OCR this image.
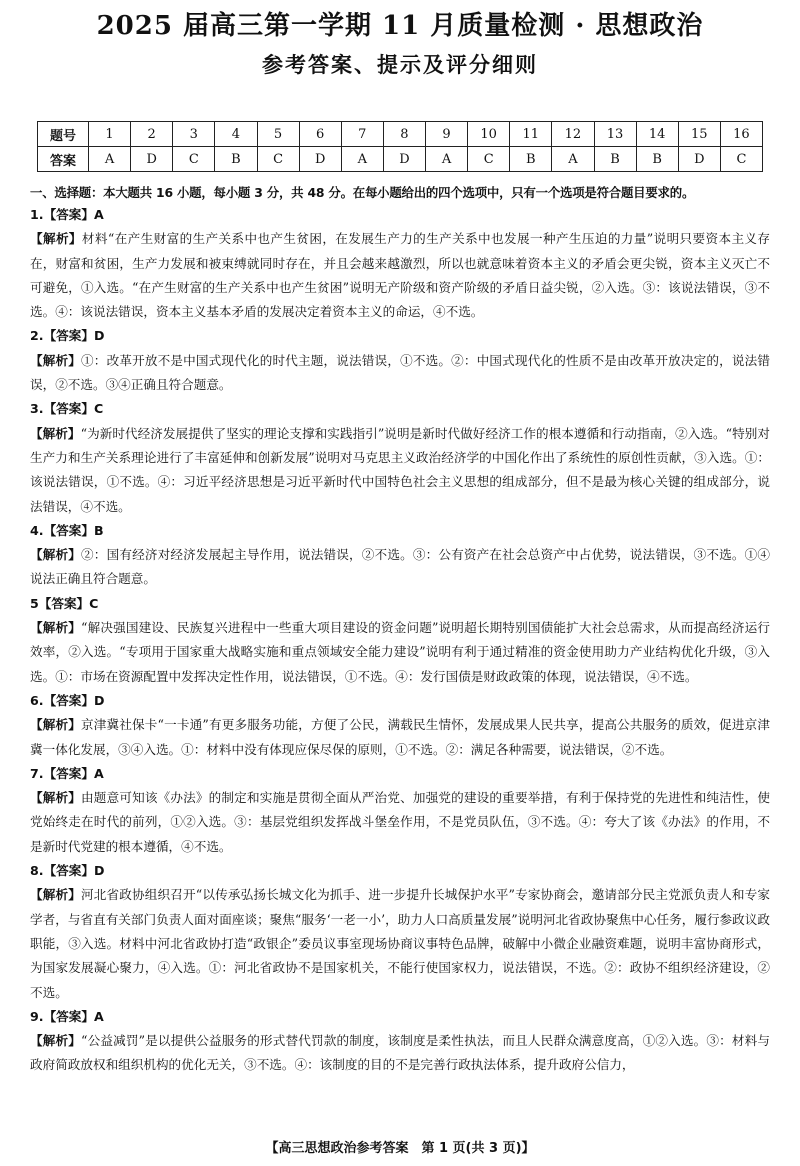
2025 届高三第一学期 11 月质量检测 · 思想政治
参考答案、提示及评分细则
题号	1	2	3	4	5	6	7	8	9	10	11	12	13	14	15	16
答案	A	D	C	B	C	D	A	D	A	C	B	A	B	B	D	C
一、选择题：本大题共 16 小题，每小题 3 分，共 48 分。在每小题给出的四个选项中，只有一个选项是符合题目要求的。
1.【答案】A
【解析】材料“在产生财富的生产关系中也产生贫困，在发展生产力的生产关系中也发展一种产生压迫的力量”说明只要资本主义存在，财富和贫困，生产力发展和被束缚就同时存在，并且会越来越激烈，所以也就意味着资本主义的矛盾会更尖锐，资本主义灭亡不可避免，①入选。“在产生财富的生产关系中也产生贫困”说明无产阶级和资产阶级的矛盾日益尖锐，②入选。③：该说法错误，③不选。④：该说法错误，资本主义基本矛盾的发展决定着资本主义的命运，④不选。
2.【答案】D
【解析】①：改革开放不是中国式现代化的时代主题，说法错误，①不选。②：中国式现代化的性质不是由改革开放决定的，说法错误，②不选。③④正确且符合题意。
3.【答案】C
【解析】“为新时代经济发展提供了坚实的理论支撑和实践指引”说明是新时代做好经济工作的根本遵循和行动指南，②入选。“特别对生产力和生产关系理论进行了丰富延伸和创新发展”说明对马克思主义政治经济学的中国化作出了系统性的原创性贡献，③入选。①：该说法错误，①不选。④：习近平经济思想是习近平新时代中国特色社会主义思想的组成部分，但不是最为核心关键的组成部分，说法错误，④不选。
4.【答案】B
【解析】②：国有经济对经济发展起主导作用，说法错误，②不选。③：公有资产在社会总资产中占优势，说法错误，③不选。①④说法正确且符合题意。
5【答案】C
【解析】“解决强国建设、民族复兴进程中一些重大项目建设的资金问题”说明超长期特别国债能扩大社会总需求，从而提高经济运行效率，②入选。“专项用于国家重大战略实施和重点领域安全能力建设”说明有利于通过精准的资金使用助力产业结构优化升级，③入选。①：市场在资源配置中发挥决定性作用，说法错误，①不选。④：发行国债是财政政策的体现，说法错误，④不选。
6.【答案】D
【解析】京津冀社保卡“一卡通”有更多服务功能，方便了公民，满载民生情怀，发展成果人民共享，提高公共服务的质效，促进京津冀一体化发展，③④入选。①：材料中没有体现应保尽保的原则，①不选。②：满足各种需要，说法错误，②不选。
7.【答案】A
【解析】由题意可知该《办法》的制定和实施是贯彻全面从严治党、加强党的建设的重要举措，有利于保持党的先进性和纯洁性，使党始终走在时代的前列，①②入选。③：基层党组织发挥战斗堡垒作用，不是党员队伍，③不选。④：夸大了该《办法》的作用，不是新时代党建的根本遵循，④不选。
8.【答案】D
【解析】河北省政协组织召开“以传承弘扬长城文化为抓手、进一步提升长城保护水平”专家协商会，邀请部分民主党派负责人和专家学者，与省直有关部门负责人面对面座谈；聚焦“服务‘一老一小’，助力人口高质量发展”说明河北省政协聚焦中心任务，履行参政议政职能，③入选。材料中河北省政协打造“政银企”委员议事室现场协商议事特色品牌，破解中小微企业融资难题，说明丰富协商形式，为国家发展凝心聚力，④入选。①：河北省政协不是国家机关，不能行使国家权力，说法错误，不选。②：政协不组织经济建设，②不选。
9.【答案】A
【解析】“公益减罚”是以提供公益服务的形式替代罚款的制度，该制度是柔性执法，而且人民群众满意度高，①②入选。③：材料与政府简政放权和组织机构的优化无关，③不选。④：该制度的目的不是完善行政执法体系，提升政府公信力，
【高三思想政治参考答案　第 1 页(共 3 页)】
